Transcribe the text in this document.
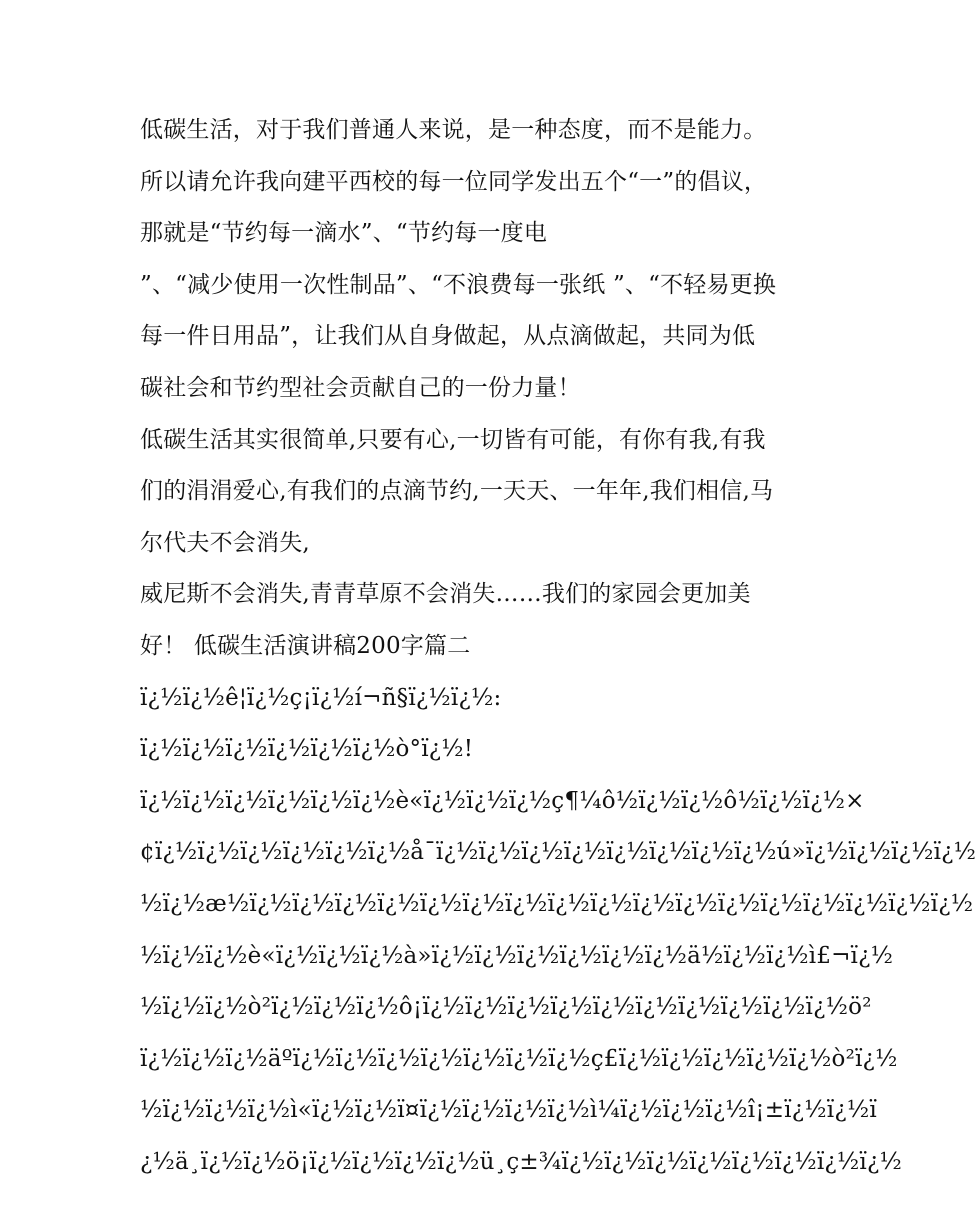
低碳生活，对于我们普通人来说，是一种态度，而不是能力。
所以请允许我向建平西校的每一位同学发出五个“一”的倡议，
那就是“节约每一滴水”、“节约每一度电
”、“减少使用一次性制品”、“不浪费每一张纸 ”、“不轻易更换
每一件日用品”，让我们从自身做起，从点滴做起，共同为低
碳社会和节约型社会贡献自己的一份力量！
低碳生活其实很简单,只要有心,一切皆有可能，有你有我,有我
们的涓涓爱心,有我们的点滴节约,一天天、一年年,我们相信,马
尔代夫不会消失,
威尼斯不会消失,青青草原不会消失……我们的家园会更加美
好！ 低碳生活演讲稿200字篇二
ï¿½ï¿½ê¦ï¿½ç¡ï¿½í¬ñ§ï¿½ï¿½:
ï¿½ï¿½ï¿½ï¿½ï¿½ï¿½ò°ï¿½!
ï¿½ï¿½ï¿½ï¿½ï¿½ï¿½è«ï¿½ï¿½ï¿½ç¶¼ô½ï¿½ï¿½ô½ï¿½ï¿½×
¢ï¿½ï¿½ï¿½ï¿½ï¿½ï¿½å¯ï¿½ï¿½ï¿½ï¿½ï¿½ï¿½ï¿½ï¿½ú»ï¿½ï¿½ï¿½ï¿½
½ï¿½æ½ï¿½ï¿½ï¿½ï¿½ï¿½ï¿½ï¿½ï¿½ï¿½ï¿½ï¿½ï¿½ï¿½ï¿½ï¿½ï¿½ï¿½
½ï¿½ï¿½è«ï¿½ï¿½ï¿½à»ï¿½ï¿½ï¿½ï¿½ï¿½ï¿½ä½ï¿½ï¿½ì£¬ï¿½
½ï¿½ï¿½ò²ï¿½ï¿½ï¿½ô¡ï¿½ï¿½ï¿½ï¿½ï¿½ï¿½ï¿½ï¿½ï¿½ï¿½ö²
ï¿½ï¿½ï¿½äºï¿½ï¿½ï¿½ï¿½ï¿½ï¿½ï¿½ç£ï¿½ï¿½ï¿½ï¿½ï¿½ò²ï¿½
½ï¿½ï¿½ï¿½ì«ï¿½ï¿½ï¤ï¿½ï¿½ï¿½ï¿½ì¼ï¿½ï¿½ï¿½î¡±ï¿½ï¿½ï
¿½ä¸ï¿½ï¿½ö¡ï¿½ï¿½ï¿½ï¿½ü¸ç±¾ï¿½ï¿½ï¿½ï¿½ï¿½ï¿½ï¿½ï¿½
